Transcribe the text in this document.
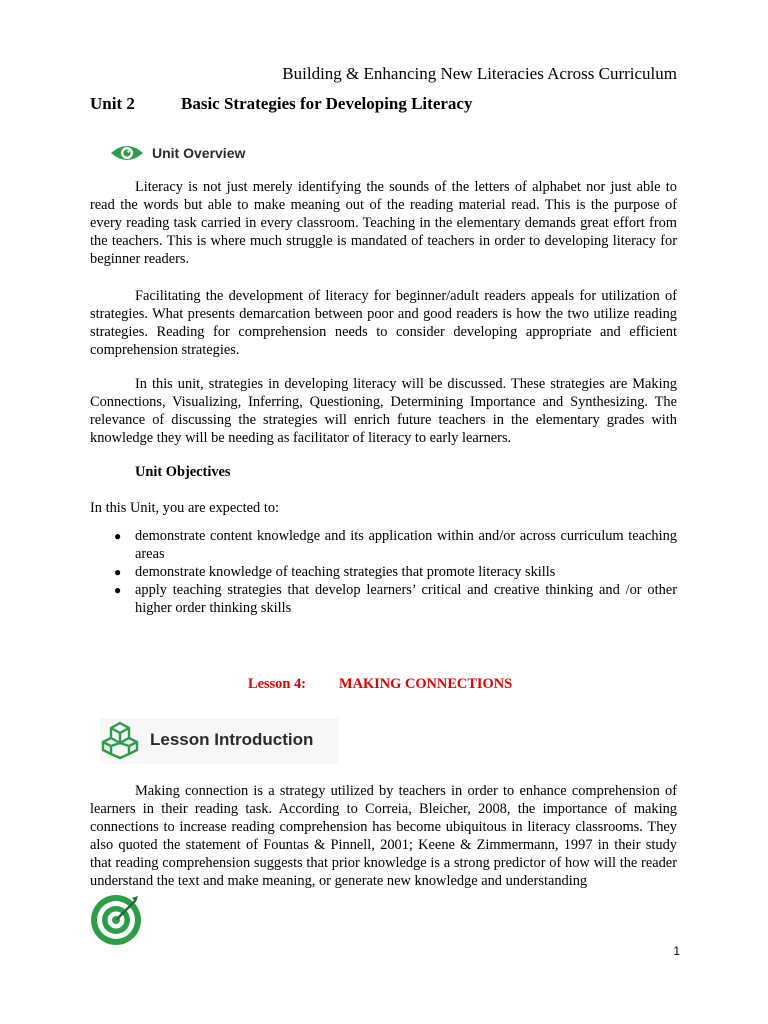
Building & Enhancing New Literacies Across Curriculum
Unit 2	Basic Strategies for Developing Literacy
Unit Overview

Literacy is not just merely identifying the sounds of the letters of alphabet nor just able to read the words but able to make meaning out of the reading material read. This is the purpose of every reading task carried in every classroom. Teaching in the elementary demands great effort from the teachers. This is where much struggle is mandated of teachers in order to developing literacy for beginner readers.

Facilitating the development of literacy for beginner/adult readers appeals for utilization of strategies. What presents demarcation between poor and good readers is how the two utilize reading strategies. Reading for comprehension needs to consider developing appropriate and efficient comprehension strategies.

In this unit, strategies in developing literacy will be discussed. These strategies are Making Connections, Visualizing, Inferring, Questioning, Determining Importance and Synthesizing. The relevance of discussing the strategies will enrich future teachers in the elementary grades with knowledge they will be needing as facilitator of literacy to early learners.

Unit Objectives
In this Unit, you are expected to:
● demonstrate content knowledge and its application within and/or across curriculum teaching areas
● demonstrate knowledge of teaching strategies that promote literacy skills
● apply teaching strategies that develop learners’ critical and creative thinking and /or other higher order thinking skills
Lesson 4: MAKING CONNECTIONS
Lesson Introduction

Making connection is a strategy utilized by teachers in order to enhance comprehension of learners in their reading task. According to Correia, Bleicher, 2008, the importance of making connections to increase reading comprehension has become ubiquitous in literacy classrooms. They also quoted the statement of Fountas & Pinnell, 2001; Keene & Zimmermann, 1997 in their study that reading comprehension suggests that prior knowledge is a strong predictor of how will the reader understand the text and make meaning, or generate new knowledge and understanding

1
